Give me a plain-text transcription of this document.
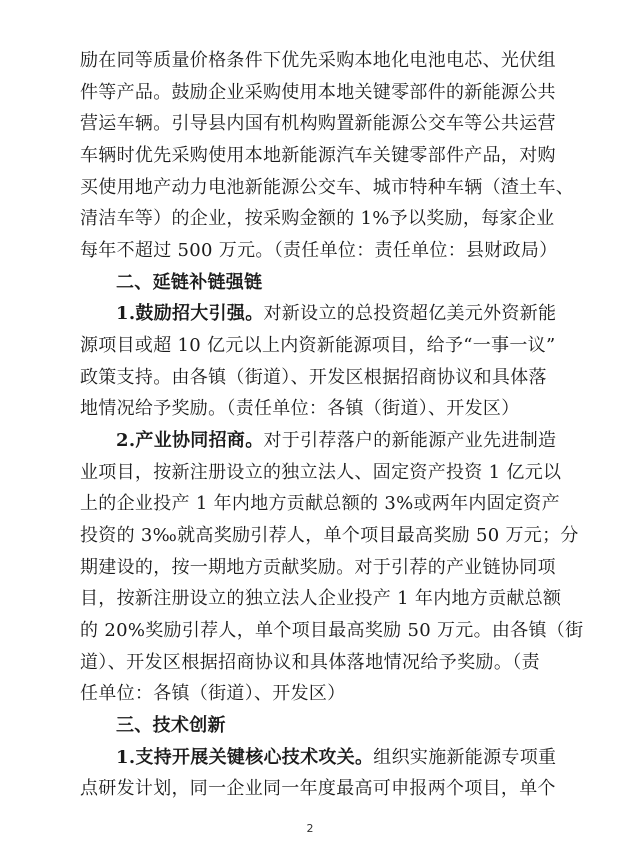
励在同等质量价格条件下优先采购本地化电池电芯、光伏组
件等产品。鼓励企业采购使用本地关键零部件的新能源公共
营运车辆。引导县内国有机构购置新能源公交车等公共运营
车辆时优先采购使用本地新能源汽车关键零部件产品，对购
买使用地产动力电池新能源公交车、城市特种车辆（渣土车、
清洁车等）的企业，按采购金额的 1%予以奖励，每家企业
每年不超过 500 万元。（责任单位：责任单位：县财政局）
二、延链补链强链
1.鼓励招大引强。对新设立的总投资超亿美元外资新能
源项目或超 10 亿元以上内资新能源项目，给予“一事一议”
政策支持。由各镇（街道）、开发区根据招商协议和具体落
地情况给予奖励。（责任单位：各镇（街道）、开发区）
2.产业协同招商。对于引荐落户的新能源产业先进制造
业项目，按新注册设立的独立法人、固定资产投资 1 亿元以
上的企业投产 1 年内地方贡献总额的 3%或两年内固定资产
投资的 3‰就高奖励引荐人，单个项目最高奖励 50 万元；分
期建设的，按一期地方贡献奖励。对于引荐的产业链协同项
目，按新注册设立的独立法人企业投产 1 年内地方贡献总额
的 20%奖励引荐人，单个项目最高奖励 50 万元。由各镇（街
道）、开发区根据招商协议和具体落地情况给予奖励。（责
任单位：各镇（街道）、开发区）
三、技术创新
1.支持开展关键核心技术攻关。组织实施新能源专项重
点研发计划，同一企业同一年度最高可申报两个项目，单个
2
